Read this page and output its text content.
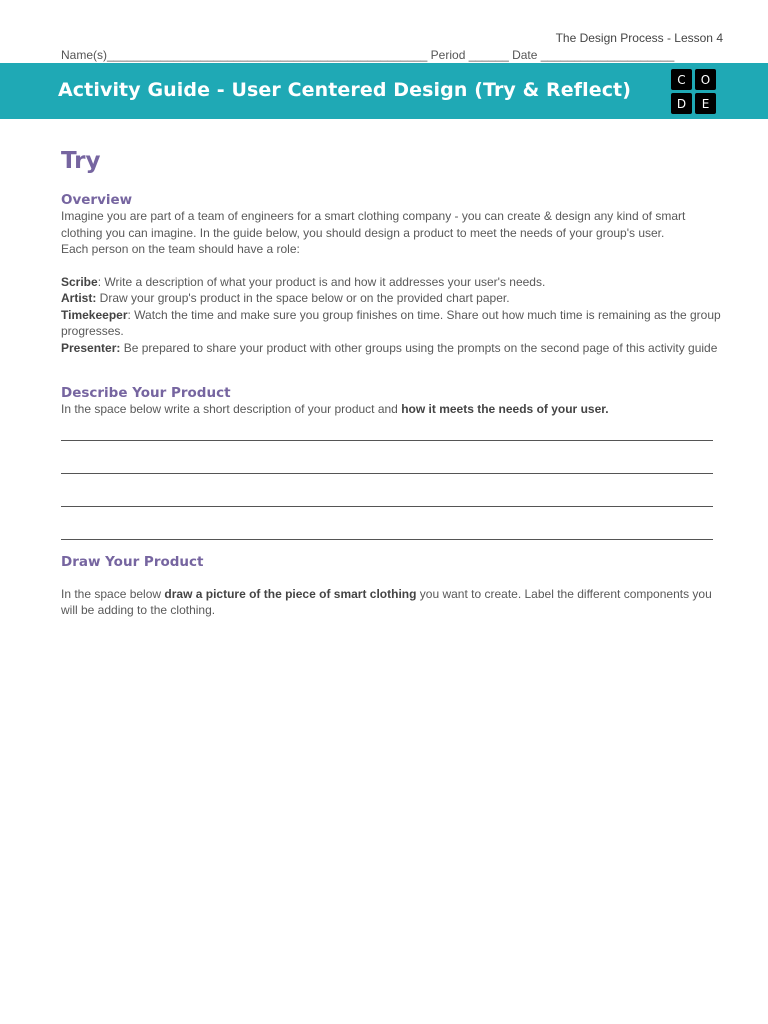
The Design Process - Lesson 4
Name(s)________________________________________________ Period ______ Date ____________________
Activity Guide - User Centered Design (Try & Reflect)	C	O
D	E
Try
Overview

Imagine you are part of a team of engineers for a smart clothing company - you can create & design any kind of smart clothing you can imagine. In the guide below, you should design a product to meet the needs of your group's user.

Each person on the team should have a role:

Scribe: Write a description of what your product is and how it addresses your user's needs.

Artist: Draw your group's product in the space below or on the provided chart paper.

Timekeeper: Watch the time and make sure you group finishes on time. Share out how much time is remaining as the group progresses.

Presenter: Be prepared to share your product with other groups using the prompts on the second page of this activity guide

Describe Your Product

In the space below write a short description of your product and how it meets the needs of your user.

Draw Your Product

In the space below draw a picture of the piece of smart clothing you want to create. Label the different components you will be adding to the clothing.
